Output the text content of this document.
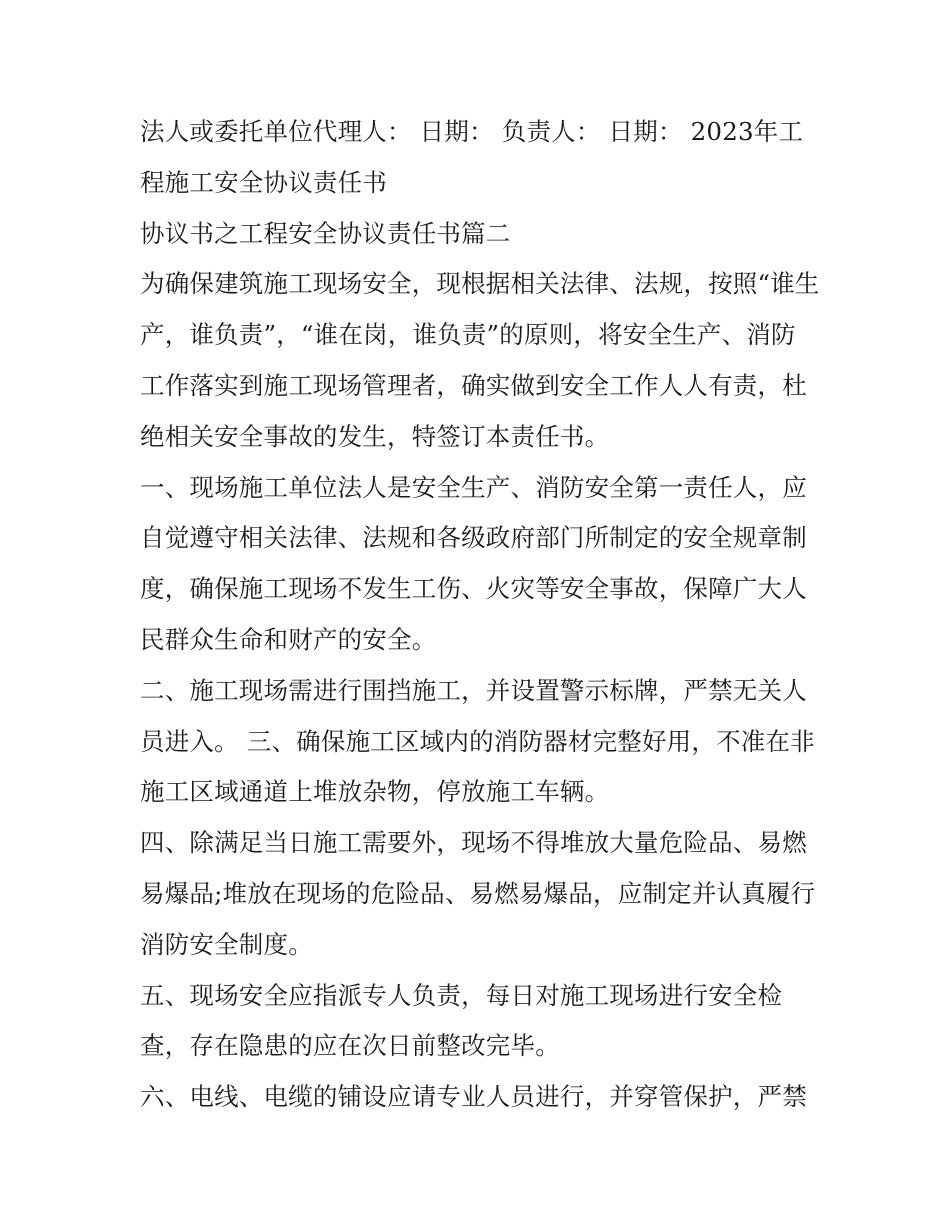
法人或委托单位代理人： 日期： 负责人： 日期： 2023年工程施工安全协议责任书

协议书之工程安全协议责任书篇二

为确保建筑施工现场安全，现根据相关法律、法规，按照“谁生产，谁负责”，“谁在岗，谁负责”的原则，将安全生产、消防工作落实到施工现场管理者，确实做到安全工作人人有责，杜绝相关安全事故的发生，特签订本责任书。

一、现场施工单位法人是安全生产、消防安全第一责任人，应自觉遵守相关法律、法规和各级政府部门所制定的安全规章制度，确保施工现场不发生工伤、火灾等安全事故，保障广大人民群众生命和财产的安全。

二、施工现场需进行围挡施工，并设置警示标牌，严禁无关人员进入。 三、确保施工区域内的消防器材完整好用，不准在非施工区域通道上堆放杂物，停放施工车辆。

四、除满足当日施工需要外，现场不得堆放大量危险品、易燃易爆品;堆放在现场的危险品、易燃易爆品，应制定并认真履行消防安全制度。

五、现场安全应指派专人负责，每日对施工现场进行安全检查，存在隐患的应在次日前整改完毕。

六、电线、电缆的铺设应请专业人员进行，并穿管保护，严禁
